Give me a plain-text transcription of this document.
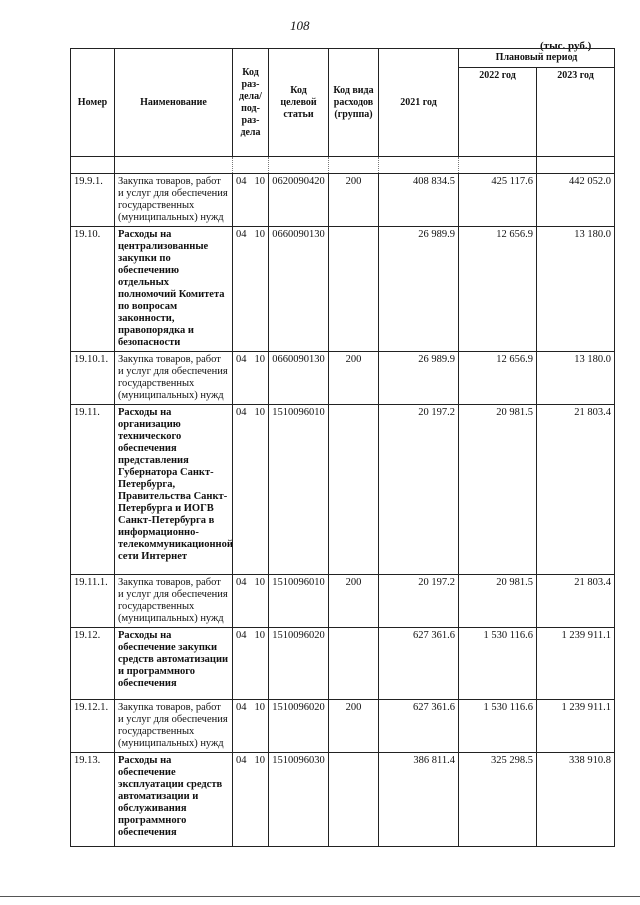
108
(тыс. руб.)
Номер	Наименование	Код раз-дела/ под-раз-дела	Код целевой статьи	Код вида расходов (группа)	2021 год	Плановый период	
						2022 год	2023 год

19.9.1.	Закупка товаров, работ и услуг для обеспечения государственных (муниципальных) нужд	04 10	0620090420	200	408 834.5	425 117.6	442 052.0
19.10.	Расходы на централизованные закупки по обеспечению отдельных полномочий Комитета по вопросам законности, правопорядка и безопасности	04 10	0660090130		26 989.9	12 656.9	13 180.0
19.10.1.	Закупка товаров, работ и услуг для обеспечения государственных (муниципальных) нужд	04 10	0660090130	200	26 989.9	12 656.9	13 180.0
19.11.	Расходы на организацию технического обеспечения представления Губернатора Санкт-Петербурга, Правительства Санкт-Петербурга и ИОГВ Санкт-Петербурга в информационно-телекоммуникационной сети Интернет	04 10	1510096010		20 197.2	20 981.5	21 803.4
19.11.1.	Закупка товаров, работ и услуг для обеспечения государственных (муниципальных) нужд	04 10	1510096010	200	20 197.2	20 981.5	21 803.4
19.12.	Расходы на обеспечение закупки средств автоматизации и программного обеспечения	04 10	1510096020		627 361.6	1 530 116.6	1 239 911.1
19.12.1.	Закупка товаров, работ и услуг для обеспечения государственных (муниципальных) нужд	04 10	1510096020	200	627 361.6	1 530 116.6	1 239 911.1
19.13.	Расходы на обеспечение эксплуатации средств автоматизации и обслуживания программного обеспечения	04 10	1510096030		386 811.4	325 298.5	338 910.8
